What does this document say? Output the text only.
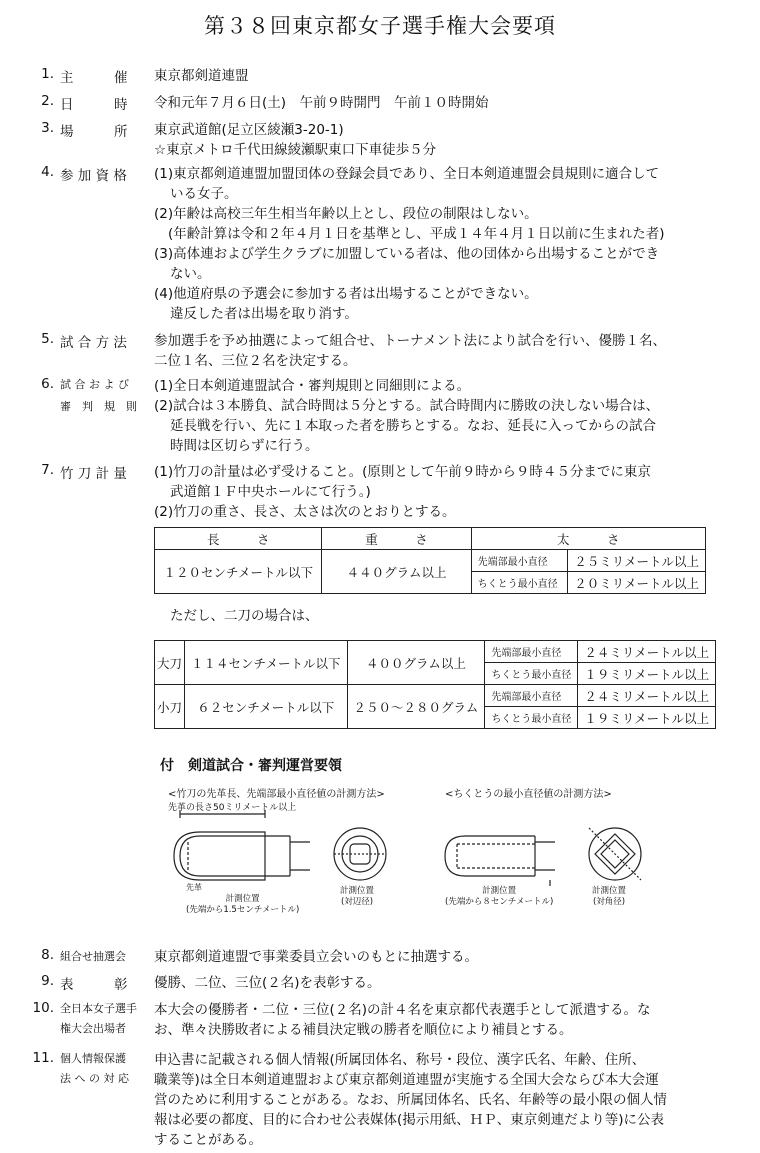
第３８回東京都女子選手権大会要項
1. 主　　　催	東京都剣道連盟
2. 日　　　時	令和元年７月６日(土)　午前９時開門　午前１０時開始
3. 場　　　所	東京武道館(足立区綾瀬3-20-1)
☆東京メトロ千代田線綾瀬駅東口下車徒歩５分
4. 参 加 資 格	(1)東京都剣道連盟加盟団体の登録会員であり、全日本剣道連盟会員規則に適合して
いる女子。
(2)年齢は高校三年生相当年齢以上とし、段位の制限はしない。
(年齢計算は令和２年４月１日を基準とし、平成１４年４月１日以前に生まれた者)
(3)高体連および学生クラブに加盟している者は、他の団体から出場することができ
ない。
(4)他道府県の予選会に参加する者は出場することができない。
違反した者は出場を取り消す。
5. 試 合 方 法	参加選手を予め抽選によって組合せ、トーナメント法により試合を行い、優勝１名、
二位１名、三位２名を決定する。
6. 試 合 お よ び
審　判　規　則
(1)全日本剣道連盟試合・審判規則と同細則による。
(2)試合は３本勝負、試合時間は５分とする。試合時間内に勝敗の決しない場合は、
延長戦を行い、先に１本取った者を勝ちとする。なお、延長に入ってからの試合
時間は区切らずに行う。
7. 竹 刀 計 量	(1)竹刀の計量は必ず受けること。(原則として午前９時から９時４５分までに東京
武道館１Ｆ中央ホールにて行う。)
(2)竹刀の重さ、長さ、太さは次のとおりとする。
長　　　さ	重　　　さ	太　　　さ	
１２０センチメートル以下	４４０グラム以上	先端部最小直径	２５ミリメートル以上
		ちくとう最小直径	２０ミリメートル以上
ただし、二刀の場合は、
大刀	１１４センチメートル以下	４００グラム以上	先端部最小直径	２４ミリメートル以上
			ちくとう最小直径	１９ミリメートル以上
小刀	６２センチメートル以下	２５０〜２８０グラム	先端部最小直径	２４ミリメートル以上
			ちくとう最小直径	１９ミリメートル以上
付　剣道試合・審判運営要領
<竹刀の先革長、先端部最小直径値の計測方法>
先革の長さ50ミリメートル以上
先革
計測位置
(先端から1.5センチメートル)
計測位置
(対辺径)
<ちくとうの最小直径値の計測方法>
計測位置
(先端から８センチメートル)
計測位置
(対角径)
8. 組合せ抽選会	東京都剣道連盟で事業委員立会いのもとに抽選する。
9. 表　　　彰	優勝、二位、三位(２名)を表彰する。
10. 全日本女子選手
権大会出場者
本大会の優勝者・二位・三位(２名)の計４名を東京都代表選手として派遣する。な
お、準々決勝敗者による補員決定戦の勝者を順位により補員とする。
11. 個人情報保護
法 へ の 対 応
申込書に記載される個人情報(所属団体名、称号・段位、漢字氏名、年齢、住所、
職業等)は全日本剣道連盟および東京都剣道連盟が実施する全国大会ならび本大会運
営のために利用することがある。なお、所属団体名、氏名、年齢等の最小限の個人情
報は必要の都度、目的に合わせ公表媒体(掲示用紙、ＨＰ、東京剣連だより等)に公表
することがある。
